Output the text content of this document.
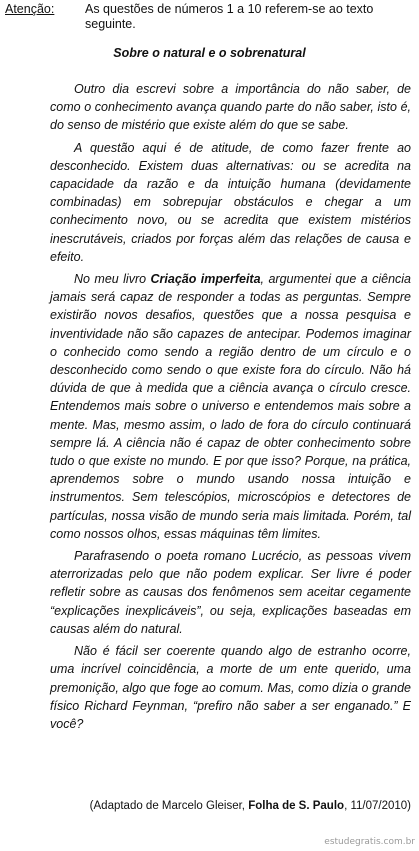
Atenção: As questões de números 1 a 10 referem-se ao texto seguinte.
Sobre o natural e o sobrenatural

Outro dia escrevi sobre a importância do não saber, de como o conhecimento avança quando parte do não saber, isto é, do senso de mistério que existe além do que se sabe.

A questão aqui é de atitude, de como fazer frente ao desconhecido. Existem duas alternativas: ou se acredita na capacidade da razão e da intuição humana (devidamente combinadas) em sobrepujar obstáculos e chegar a um conhecimento novo, ou se acredita que existem mistérios inescrutáveis, criados por forças além das relações de causa e efeito.

No meu livro Criação imperfeita, argumentei que a ciência jamais será capaz de responder a todas as perguntas. Sempre existirão novos desafios, questões que a nossa pesquisa e inventividade não são capazes de antecipar. Podemos imaginar o conhecido como sendo a região dentro de um círculo e o desconhecido como sendo o que existe fora do círculo. Não há dúvida de que à medida que a ciência avança o círculo cresce. Entendemos mais sobre o universo e entendemos mais sobre a mente. Mas, mesmo assim, o lado de fora do círculo continuará sempre lá. A ciência não é capaz de obter conhecimento sobre tudo o que existe no mundo. E por que isso? Porque, na prática, aprendemos sobre o mundo usando nossa intuição e instrumentos. Sem telescópios, microscópios e detectores de partículas, nossa visão de mundo seria mais limitada. Porém, tal como nossos olhos, essas máquinas têm limites.

Parafrasendo o poeta romano Lucrécio, as pessoas vivem aterrorizadas pelo que não podem explicar. Ser livre é poder refletir sobre as causas dos fenômenos sem aceitar cegamente “explicações inexplicáveis”, ou seja, explicações baseadas em causas além do natural.

Não é fácil ser coerente quando algo de estranho ocorre, uma incrível coincidência, a morte de um ente querido, uma premonição, algo que foge ao comum. Mas, como dizia o grande físico Richard Feynman, “prefiro não saber a ser enganado.” E você?

(Adaptado de Marcelo Gleiser, Folha de S. Paulo, 11/07/2010)
estudegratis.com.br
